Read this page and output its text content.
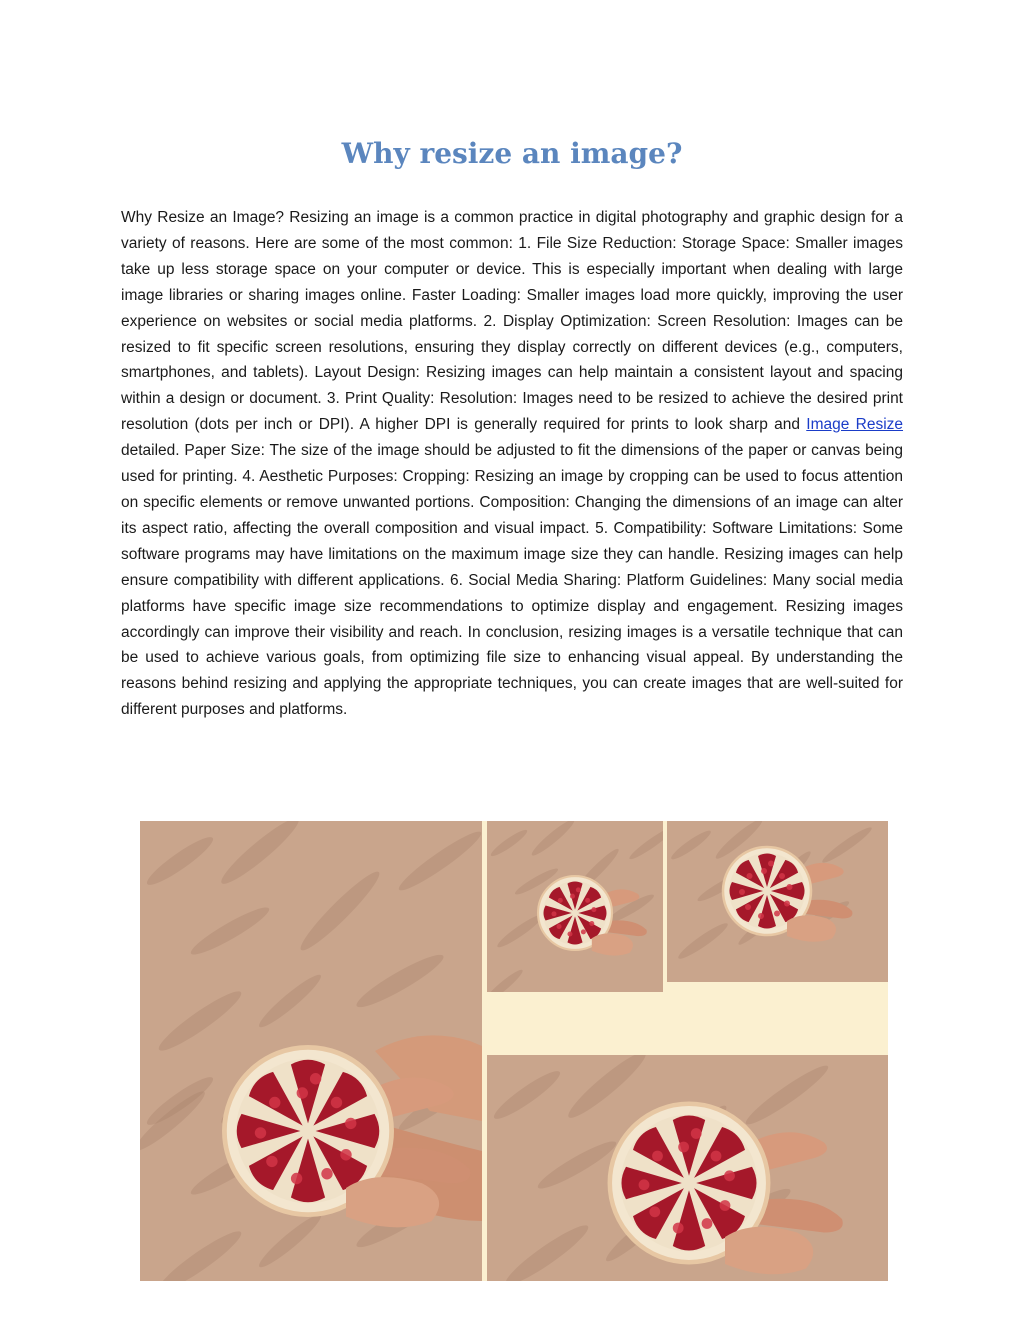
Why resize an image?

Why Resize an Image? Resizing an image is a common practice in digital photography and graphic design for a variety of reasons. Here are some of the most common: 1. File Size Reduction: Storage Space: Smaller images take up less storage space on your computer or device. This is especially important when dealing with large image libraries or sharing images online. Faster Loading: Smaller images load more quickly, improving the user experience on websites or social media platforms. 2. Display Optimization: Screen Resolution: Images can be resized to fit specific screen resolutions, ensuring they display correctly on different devices (e.g., computers, smartphones, and tablets). Layout Design: Resizing images can help maintain a consistent layout and spacing within a design or document. 3. Print Quality: Resolution: Images need to be resized to achieve the desired print resolution (dots per inch or DPI). A higher DPI is generally required for prints to look sharp and Image Resize detailed. Paper Size: The size of the image should be adjusted to fit the dimensions of the paper or canvas being used for printing. 4. Aesthetic Purposes: Cropping: Resizing an image by cropping can be used to focus attention on specific elements or remove unwanted portions. Composition: Changing the dimensions of an image can alter its aspect ratio, affecting the overall composition and visual impact. 5. Compatibility: Software Limitations: Some software programs may have limitations on the maximum image size they can handle. Resizing images can help ensure compatibility with different applications. 6. Social Media Sharing: Platform Guidelines: Many social media platforms have specific image size recommendations to optimize display and engagement. Resizing images accordingly can improve their visibility and reach. In conclusion, resizing images is a versatile technique that can be used to achieve various goals, from optimizing file size to enhancing visual appeal. By understanding the reasons behind resizing and applying the appropriate techniques, you can create images that are well-suited for different purposes and platforms.
